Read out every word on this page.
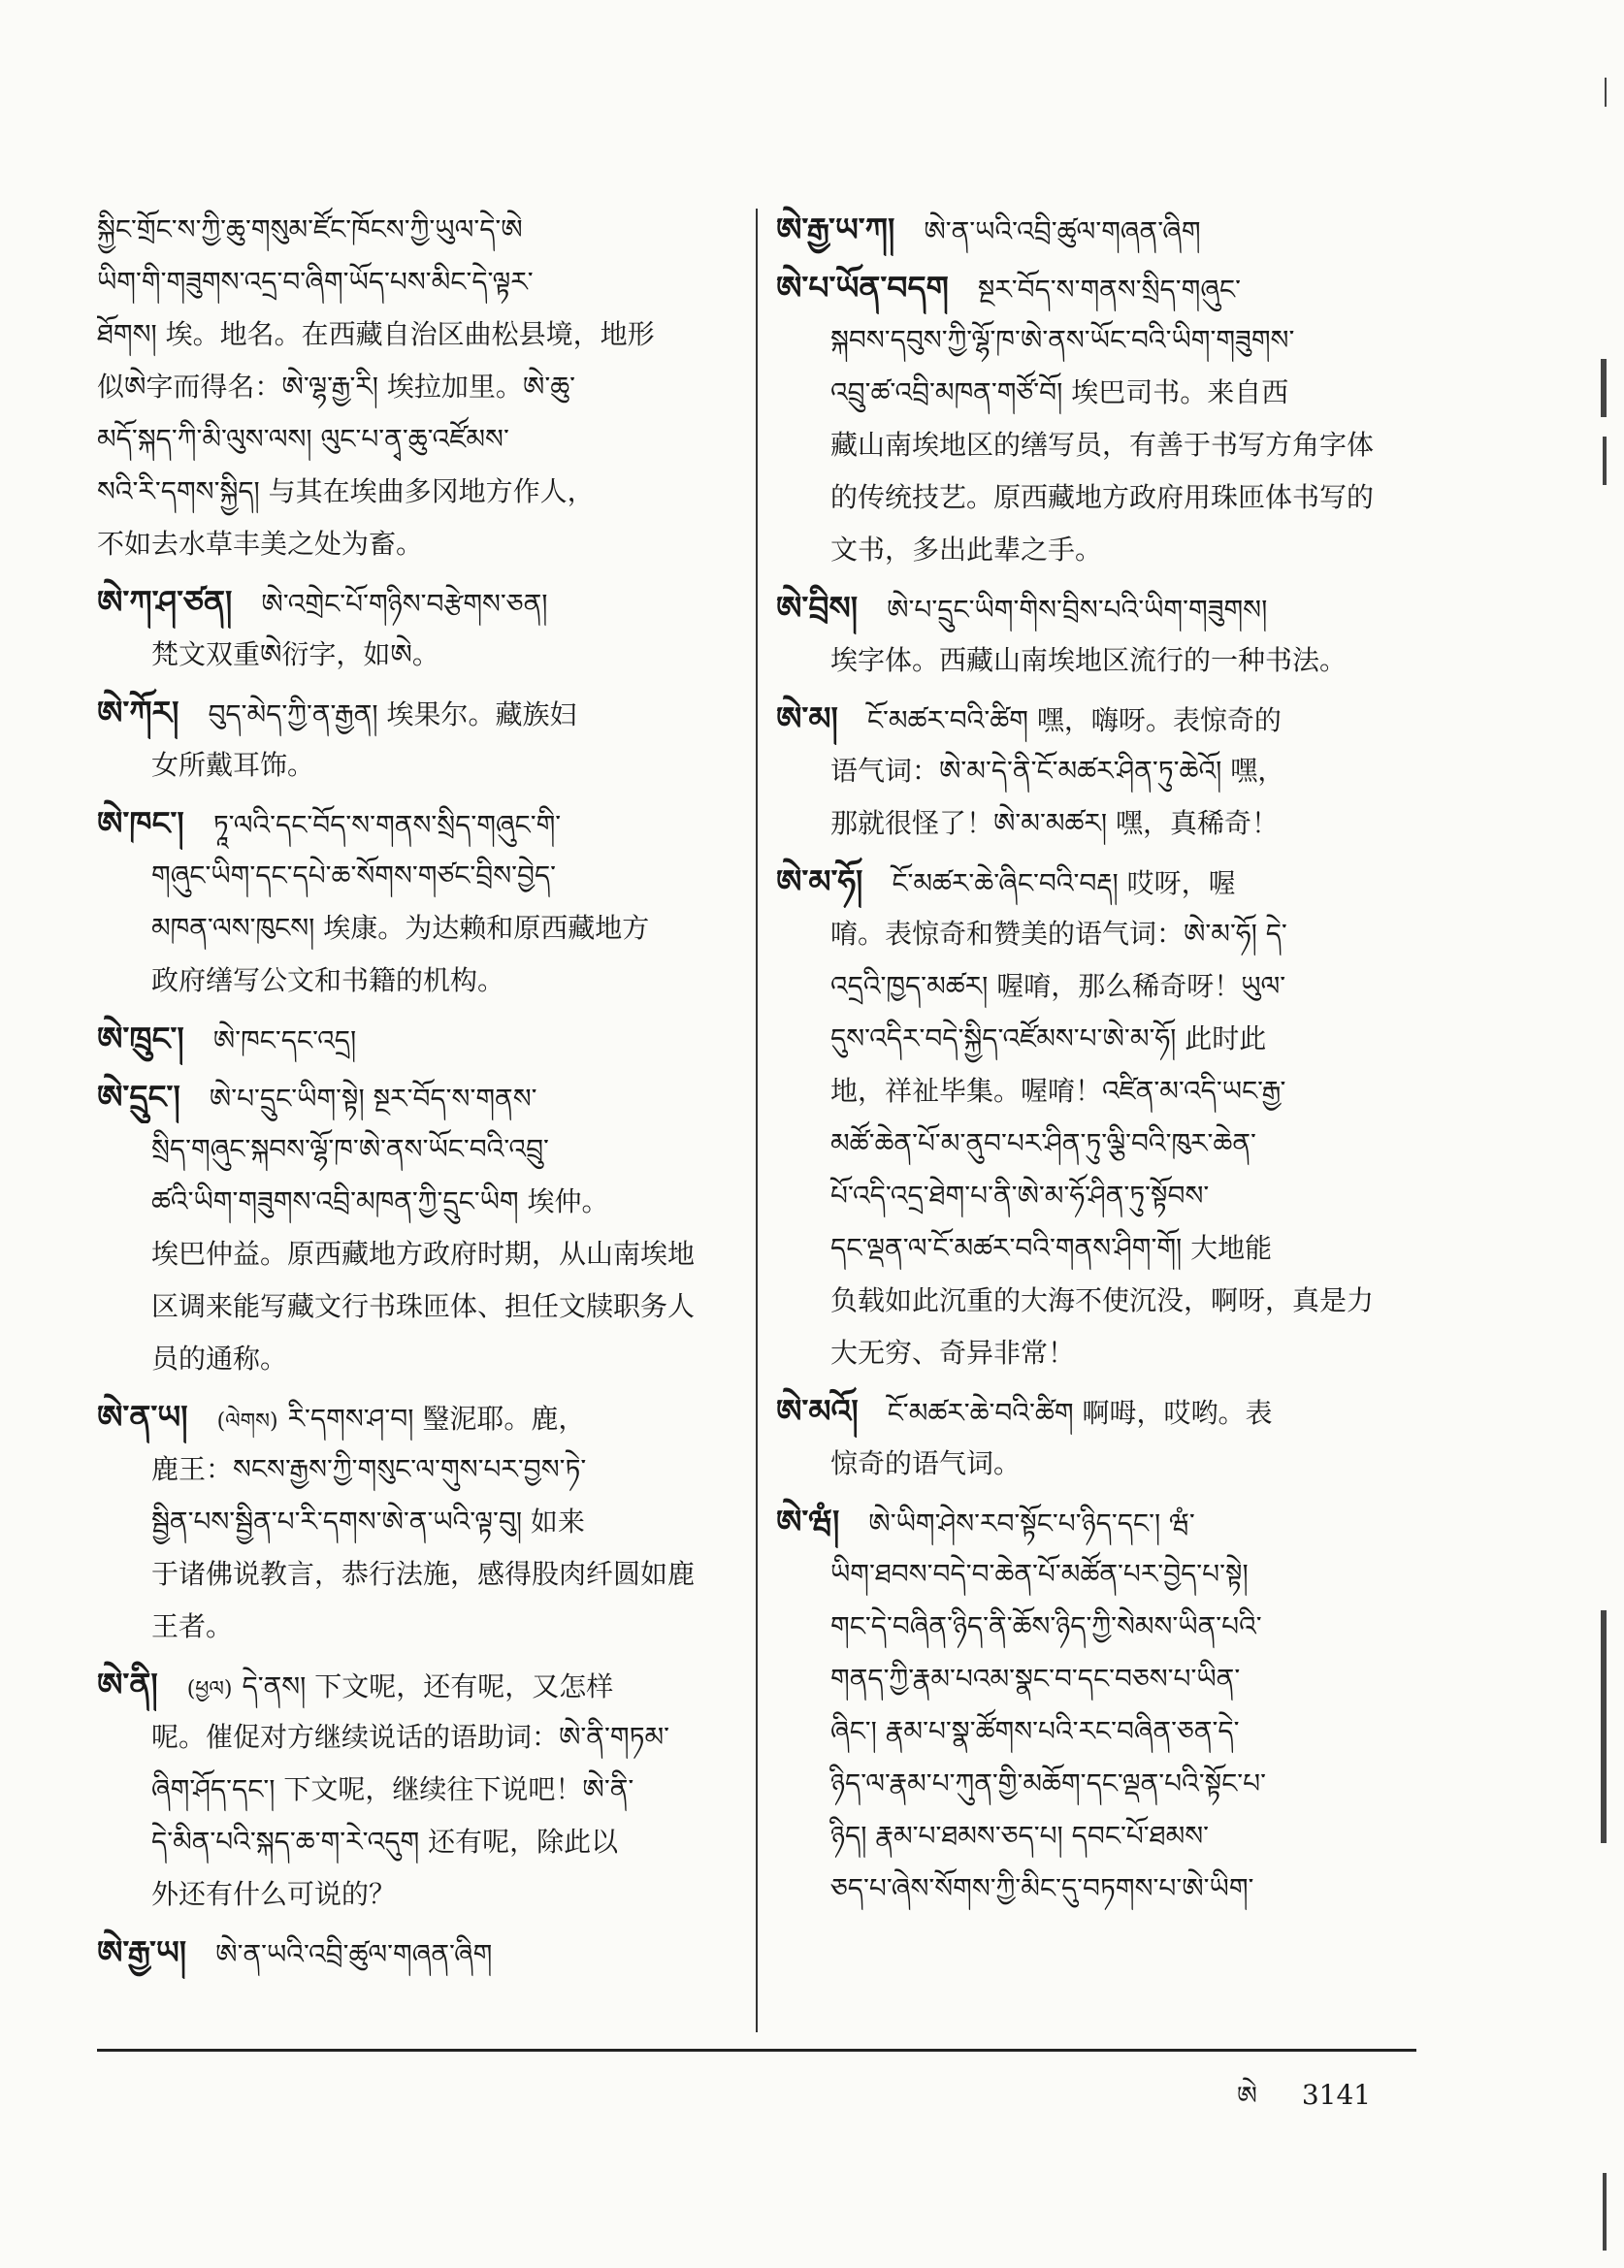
སྐྱིང་གྲོང་ས་ཀྱི་ཆུ་གསུམ་ཛོང་ཁོངས་ཀྱི་ཡུལ་དེ་ཨེ
ཡིག་གི་གཟུགས་འདྲ་བ་ཞིག་ཡོད་པས་མིང་དེ་ལྟར་
ཐོགས། 埃。地名。在西藏自治区曲松县境，地形
似ཨེ字而得名：ཨེ་ལྷ་རྒྱ་རི། 埃拉加里。ཨེ་ཆུ་
མདོ་སྐད་ཀི་མི་ལུས་ལས། ལུང་པ་ནྭ་ཆུ་འཛོམས་
སའི་རི་དགས་སྐྱིད། 与其在埃曲多冈地方作人，
不如去水草丰美之处为畜。
ཨེ་ཀ་ཤ་ཙན། ཨེ་འགྲེང་པོ་གཉིས་བརྩེགས་ཅན།
梵文双重ཨེ衍字，如ཨེ。
ཨེ་ཀོར། བུད་མེད་ཀྱི་ན་རྒྱན། 埃果尔。藏族妇
女所戴耳饰。
ཨེ་ཁང་། ཏཱ་ལའི་དང་བོད་ས་གནས་སྲིད་གཞུང་གི་
གཞུང་ཡིག་དང་དཔེ་ཆ་སོགས་གཙང་བྲིས་བྱེད་
མཁན་ལས་ཁུངས། 埃康。为达赖和原西藏地方
政府缮写公文和书籍的机构。
ཨེ་ཁྲུང་། ཨེ་ཁང་དང་འདྲ།
ཨེ་དྲུང་། ཨེ་པ་དྲུང་ཡིག་སྟེ། སྔར་བོད་ས་གནས་
སྲིད་གཞུང་སྐབས་ལྷོ་ཁ་ཨེ་ནས་ཡོང་བའི་འབྲུ་
ཚའི་ཡིག་གཟུགས་འབྲི་མཁན་ཀྱི་དྲུང་ཡིག 埃仲。
埃巴仲益。原西藏地方政府时期，从山南埃地
区调来能写藏文行书珠匝体、担任文牍职务人
员的通称。
ཨེ་ན་ཡ། (ལེགས) རི་དགས་ཤ་བ། 瑿泥耶。鹿，
鹿王：སངས་རྒྱས་ཀྱི་གསུང་ལ་གུས་པར་བྱས་ཏེ་
སྦྱིན་པས་སྦྱིན་པ་རི་དགས་ཨེ་ན་ཡའི་ལྟ་བུ། 如来
于诸佛说教言，恭行法施，感得股肉纤圆如鹿
王者。
ཨེ་ནི། (ཕྱལ) དེ་ནས། 下文呢，还有呢，又怎样
呢。催促对方继续说话的语助词：ཨེ་ནི་གཏམ་
ཞིག་ཤོད་དང་། 下文呢，继续往下说吧！ཨེ་ནི་
དེ་མིན་པའི་སྐད་ཆ་ག་རེ་འདུག 还有呢，除此以
外还有什么可说的？
ཨེ་རྒྱ་ཡ། ཨེ་ན་ཡའི་འབྲི་ཚུལ་གཞན་ཞིག
ཨེ་རྒྱ་ཡ་ཀ། ཨེ་ན་ཡའི་འབྲི་ཚུལ་གཞན་ཞིག
ཨེ་པ་ཡོན་བདག སྔར་བོད་ས་གནས་སྲིད་གཞུང་
སྐབས་དབུས་ཀྱི་ལྷོ་ཁ་ཨེ་ནས་ཡོང་བའི་ཡིག་གཟུགས་
འབྲུ་ཚ་འབྲི་མཁན་གཙོ་བོ། 埃巴司书。来自西
藏山南埃地区的缮写员，有善于书写方角字体
的传统技艺。原西藏地方政府用珠匝体书写的
文书，多出此辈之手。
ཨེ་བྲིས། ཨེ་པ་དྲུང་ཡིག་གིས་བྲིས་པའི་ཡིག་གཟུགས།
埃字体。西藏山南埃地区流行的一种书法。
ཨེ་མ། ངོ་མཚར་བའི་ཚིག 嘿，嗨呀。表惊奇的
语气词：ཨེ་མ་དེ་ནི་ངོ་མཚར་ཤིན་ཏུ་ཆེའོ། 嘿，
那就很怪了！ཨེ་མ་མཚར། 嘿，真稀奇！
ཨེ་མ་ཧོ། ངོ་མཚར་ཆེ་ཞིང་བའི་བརྡ། 哎呀，喔
唷。表惊奇和赞美的语气词：ཨེ་མ་ཧོ། དེ་
འདྲའི་ཁྱད་མཚར། 喔唷，那么稀奇呀！ཡུལ་
དུས་འདིར་བདེ་སྐྱིད་འཛོམས་པ་ཨེ་མ་ཧོ། 此时此
地，祥祉毕集。喔唷！འཛིན་མ་འདི་ཡང་རྒྱ་
མཚོ་ཆེན་པོ་མ་ནུབ་པར་ཤིན་ཏུ་ལྕི་བའི་ཁུར་ཆེན་
པོ་འདི་འདྲ་ཐེག་པ་ནི་ཨེ་མ་ཧོ་ཤིན་ཏུ་སྟོབས་
དང་ལྡན་ལ་ངོ་མཚར་བའི་གནས་ཤིག་གོ། 大地能
负载如此沉重的大海不使沉没，啊呀，真是力
大无穷、奇异非常！
ཨེ་མའོ། ངོ་མཚར་ཆེ་བའི་ཚིག 啊呣，哎哟。表
惊奇的语气词。
ཨེ་ཝཾ། ཨེ་ཡིག་ཤེས་རབ་སྟོང་པ་ཉིད་དང་། ཝཾ་
ཡིག་ཐབས་བདེ་བ་ཆེན་པོ་མཚོན་པར་བྱེད་པ་སྟེ།
གང་དེ་བཞིན་ཉིད་ནི་ཆོས་ཉིད་ཀྱི་སེམས་ཡིན་པའི་
གནད་ཀྱི་རྣམ་པའམ་སྣང་བ་དང་བཅས་པ་ཡིན་
ཞིང་། རྣམ་པ་སྣ་ཚོགས་པའི་རང་བཞིན་ཅན་དེ་
ཉིད་ལ་རྣམ་པ་ཀུན་གྱི་མཆོག་དང་ལྡན་པའི་སྟོང་པ་
ཉིད། རྣམ་པ་ཐམས་ཅད་པ། དབང་པོ་ཐམས་
ཅད་པ་ཞེས་སོགས་ཀྱི་མིང་དུ་བཏགས་པ་ཨེ་ཡིག་
ཨེ 3141
